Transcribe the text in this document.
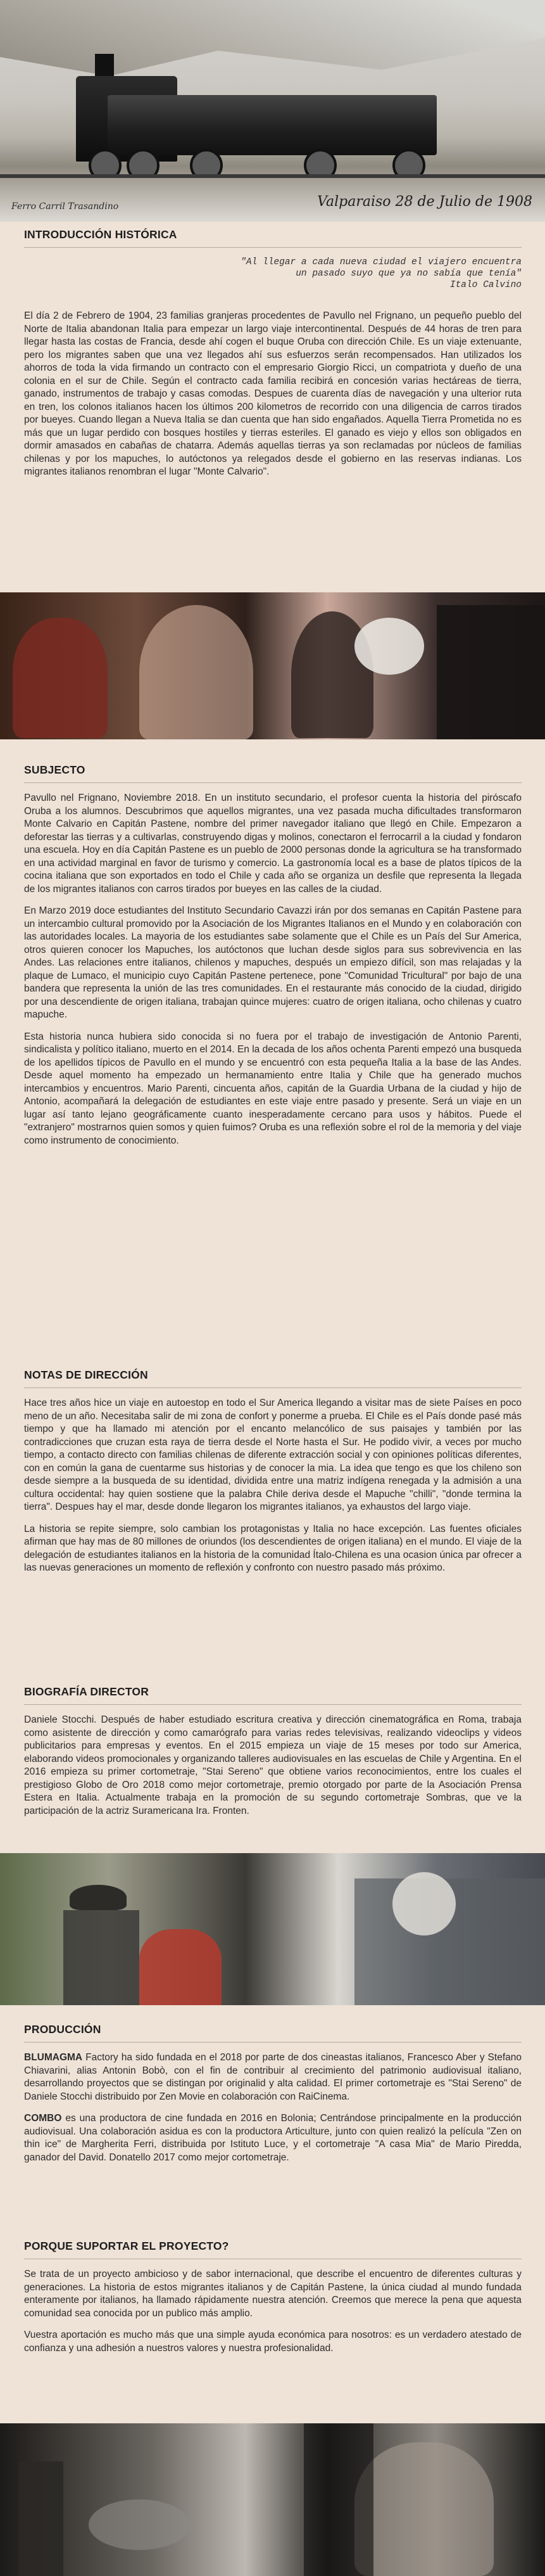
Ferro Carril Trasandino	Valparaiso 28 de Julio de 1908
INTRODUCCIÓN HISTÓRICA
"Al llegar a cada nueva ciudad el viajero encuentra
un pasado suyo que ya no sabía que tenía"
Italo Calvino

El día 2 de Febrero de 1904, 23 familias granjeras procedentes de Pavullo nel Frignano, un pequeño pueblo del Norte de Italia abandonan Italia para empezar un largo viaje intercontinental. Después de 44 horas de tren para llegar hasta las costas de Francia, desde ahí cogen el buque Oruba con dirección Chile. Es un viaje extenuante, pero los migrantes saben que una vez llegados ahí sus esfuerzos serán recompensados. Han utilizados los ahorros de toda la vida firmando un contracto con el empresario Giorgio Ricci, un compatriota y dueño de una colonia en el sur de Chile. Según el contracto cada familia recibirá en concesión varias hectáreas de tierra, ganado, instrumentos de trabajo y casas comodas. Despues de cuarenta días de navegación y una ulterior ruta en tren, los colonos italianos hacen los últimos 200 kilometros de recorrido con una diligencia de carros tirados por bueyes. Cuando llegan a Nueva Italia se dan cuenta que han sido engañados. Aquella Tierra Prometida no es más que un lugar perdido con bosques hostiles y tierras esteriles. El ganado es viejo y ellos son obligados en dormir amasados en cabañas de chatarra. Además aquellas tierras ya son reclamadas por núcleos de familias chilenas y por los mapuches, lo autóctonos ya relegados desde el gobierno en las reservas indianas. Los migrantes italianos renombran el lugar "Monte Calvario".

SUBJECTO

Pavullo nel Frignano, Noviembre 2018. En un instituto secundario, el profesor cuenta la historia del piróscafo Oruba a los alumnos. Descubrimos que aquellos migrantes, una vez pasada mucha dificultades transformaron Monte Calvario en Capitán Pastene, nombre del primer navegador italiano que llegó en Chile. Empezaron a deforestar las tierras y a cultivarlas, construyendo digas y molinos, conectaron el ferrocarril a la ciudad y fondaron una escuela. Hoy en día Capitán Pastene es un pueblo de 2000 personas donde la agricultura se ha transformado en una actividad marginal en favor de turismo y comercio. La gastronomía local es a base de platos típicos de la cocina italiana que son exportados en todo el Chile y cada año se organiza un desfile que representa la llegada de los migrantes italianos con carros tirados por bueyes en las calles de la ciudad.

En Marzo 2019 doce estudiantes del Instituto Secundario Cavazzi irán por dos semanas en Capitán Pastene para un intercambio cultural promovido por la Asociación de los Migrantes Italianos en el Mundo y en colaboración con las autoridades locales. La mayoria de los estudiantes sabe solamente que el Chile es un País del Sur America, otros quieren conocer los Mapuches, los autóctonos que luchan desde siglos para sus sobrevivencia en las Andes. Las relaciones entre italianos, chilenos y mapuches, después un empiezo difícil, son mas relajadas y la plaque de Lumaco, el municipio cuyo Capitán Pastene pertenece, pone "Comunidad Tricultural" por bajo de una bandera que representa la unión de las tres comunidades. En el restaurante más conocido de la ciudad, dirigido por una descendiente de origen italiana, trabajan quince mujeres: cuatro de origen italiana, ocho chilenas y cuatro mapuche.

Esta historia nunca hubiera sido conocida si no fuera por el trabajo de investigación de Antonio Parenti, sindicalista y político italiano, muerto en el 2014. En la decada de los años ochenta Parenti empezó una busqueda de los apellidos típicos de Pavullo en el mundo y se encuentró con esta pequeña Italia a la base de las Andes. Desde aquel momento ha empezado un hermanamiento entre Italia y Chile que ha generado muchos intercambios y encuentros. Mario Parenti, cincuenta años, capitán de la Guardia Urbana de la ciudad y hijo de Antonio, acompañará la delegación de estudiantes en este viaje entre pasado y presente. Será un viaje en un lugar así tanto lejano geográficamente cuanto inesperadamente cercano para usos y hábitos. Puede el "extranjero" mostrarnos quien somos y quien fuimos? Oruba es una reflexión sobre el rol de la memoria y del viaje como instrumento de conocimiento.

NOTAS DE DIRECCIÓN

Hace tres años hice un viaje en autoestop en todo el Sur America llegando a visitar mas de siete Países en poco meno de un año. Necesitaba salir de mi zona de confort y ponerme a prueba. El Chile es el País donde pasé más tiempo y que ha llamado mi atención por el encanto melancólico de sus paisajes y también por las contradicciones que cruzan esta raya de tierra desde el Norte hasta el Sur. He podido vivir, a veces por mucho tiempo, a contacto directo con familias chilenas de diferente extracción social y con opiniones políticas diferentes, con en común la gana de cuentarme sus historias y de conocer la mia. La idea que tengo es que los chileno son desde siempre a la busqueda de su identidad, dividida entre una matriz indígena renegada y la admisión a una cultura occidental: hay quien sostiene que la palabra Chile deriva desde el Mapuche "chilli", "donde termina la tierra". Despues hay el mar, desde donde llegaron los migrantes italianos, ya exhaustos del largo viaje.

La historia se repite siempre, solo cambian los protagonistas y Italia no hace excepción. Las fuentes oficiales afirman que hay mas de 80 millones de oriundos (los descendientes de origen italiana) en el mundo. El viaje de la delegación de estudiantes italianos en la historia de la comunidad Ítalo-Chilena es una ocasion única par ofrecer a las nuevas generaciones un momento de reflexión y confronto con nuestro pasado más próximo.

BIOGRAFÍA DIRECTOR

Daniele Stocchi. Después de haber estudiado escritura creativa y dirección cinematográfica en Roma, trabaja como asistente de dirección y como camarógrafo para varias redes televisivas, realizando videoclips y videos publicitarios para empresas y eventos. En el 2015 empieza un viaje de 15 meses por todo sur America, elaborando videos promocionales y organizando talleres audiovisuales en las escuelas de Chile y Argentina. En el 2016 empieza su primer cortometraje, "Stai Sereno" que obtiene varios reconocimientos, entre los cuales el prestigioso Globo de Oro 2018 como mejor cortometraje, premio otorgado por parte de la Asociación Prensa Estera en Italia. Actualmente trabaja en la promoción de su segundo cortometraje Sombras, que ve la participación de la actriz Suramericana Ira. Fronten.

PRODUCCIÓN

BLUMAGMA Factory ha sido fundada en el 2018 por parte de dos cineastas italianos, Francesco Aber y Stefano Chiavarini, alias Antonin Bobò, con el fin de contribuir al crecimiento del patrimonio audiovisual italiano, desarrollando proyectos que se distingan por originalid y alta calidad. El primer cortometraje es "Stai Sereno" de Daniele Stocchi distribuido por Zen Movie en colaboración con RaiCinema.

COMBO es una productora de cine fundada en 2016 en Bolonia; Centrándose principalmente en la producción audiovisual. Una colaboración asidua es con la productora Articulture, junto con quien realizó la película "Zen on thin ice" de Margherita Ferri, distribuida por Istituto Luce, y el cortometraje "A casa Mia" de Mario Piredda, ganador del David. Donatello 2017 como mejor cortometraje.

PORQUE SUPORTAR EL PROYECTO?

Se trata de un proyecto ambicioso y de sabor internacional, que describe el encuentro de diferentes culturas y generaciones. La historia de estos migrantes italianos y de Capitán Pastene, la única ciudad al mundo fundada enteramente por italianos, ha llamado rápidamente nuestra atención. Creemos que merece la pena que aquesta comunidad sea conocida por un publico más amplio.

Vuestra aportación es mucho más que una simple ayuda económica para nosotros: es un verdadero atestado de confianza y una adhesión a nuestros valores y nuestra profesionalidad.
